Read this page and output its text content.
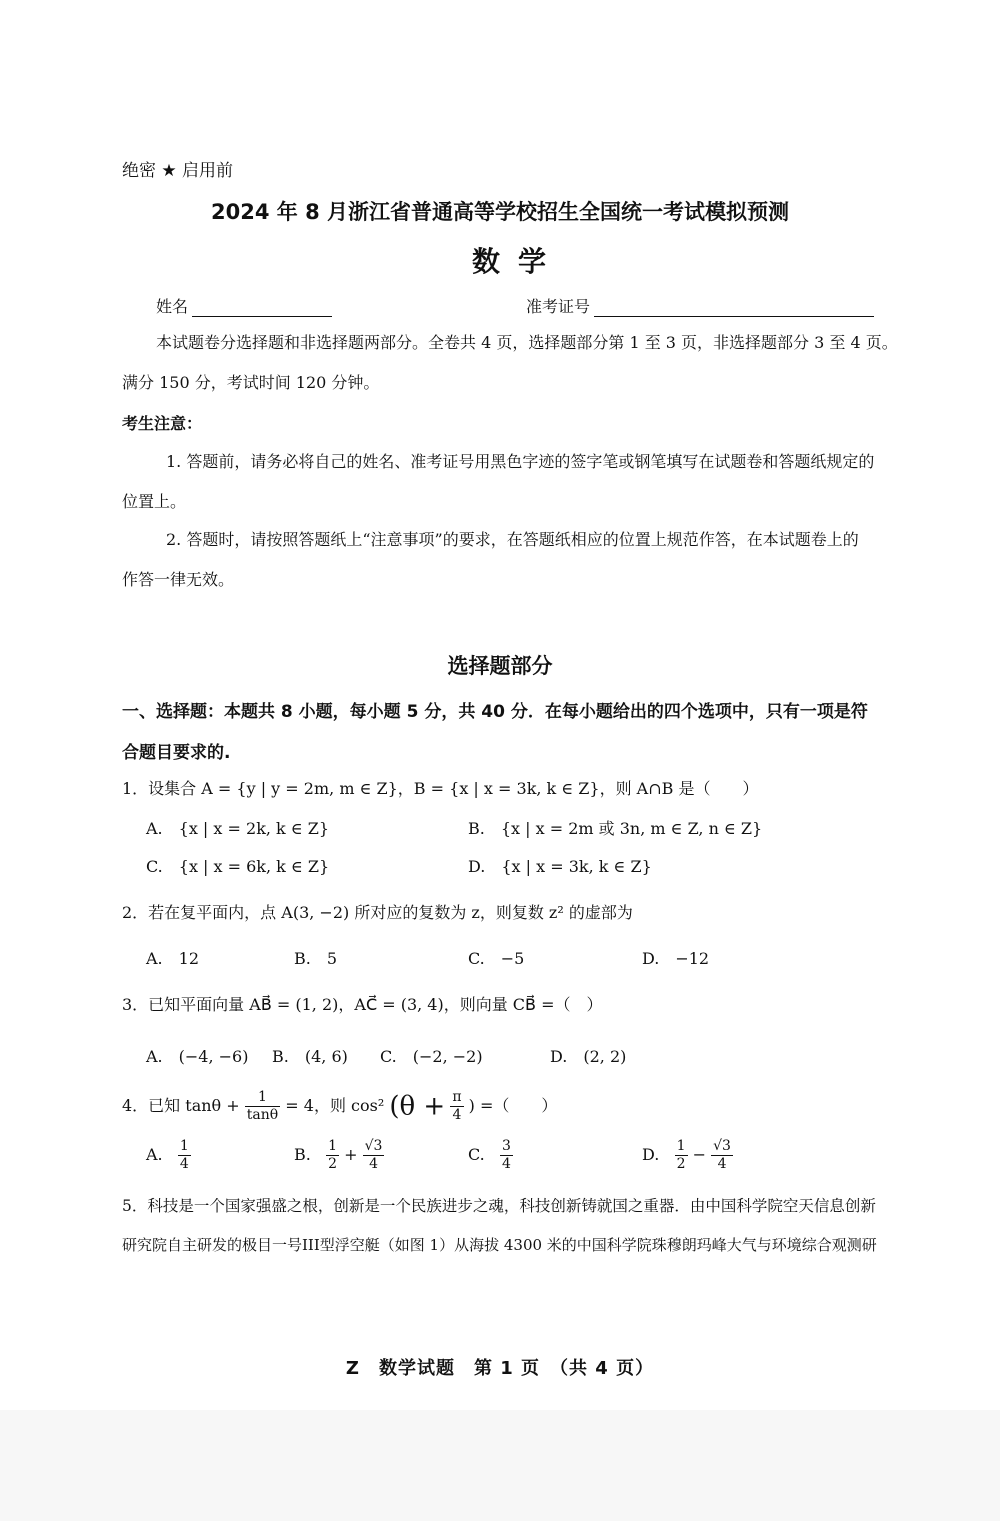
绝密 ★ 启用前
2024 年 8 月浙江省普通高等学校招生全国统一考试模拟预测
数学
姓名	准考证号
本试题卷分选择题和非选择题两部分。全卷共 4 页，选择题部分第 1 至 3 页，非选择题部分 3 至 4 页。
满分 150 分，考试时间 120 分钟。
考生注意：
1. 答题前，请务必将自己的姓名、准考证号用黑色字迹的签字笔或钢笔填写在试题卷和答题纸规定的
位置上。
2. 答题时，请按照答题纸上“注意事项”的要求，在答题纸相应的位置上规范作答，在本试题卷上的
作答一律无效。
选择题部分
一、选择题：本题共 8 小题，每小题 5 分，共 40 分．在每小题给出的四个选项中，只有一项是符
合题目要求的.
1．设集合 A = {y | y = 2m, m ∈ Z}，B = {x | x = 3k, k ∈ Z}，则 A∩B 是（　　）
A.　{x | x = 2k, k ∈ Z}	B.　{x | x = 2m 或 3n, m ∈ Z, n ∈ Z}
C.　{x | x = 6k, k ∈ Z}	D.　{x | x = 3k, k ∈ Z}
2．若在复平面内，点 A(3, −2) 所对应的复数为 z，则复数 z² 的虚部为
A.　12	B.　5	C.　−5	D.　−12
3．已知平面向量 AB⃗ = (1, 2)，AC⃗ = (3, 4)，则向量 CB⃗ =（　）
A.　(−4, −6) B.　(4, 6) C.　(−2, −2)	D.　(2, 2)
4．已知 $\tan\theta + \frac{1}{\tan\theta} = 4$，则 cos² ($\theta + \frac{\pi}{4}$ ) =（　　）
A. $\frac{1}{4}$	B. $\frac{1}{2} + \frac{√3}{4}$	C. $\frac{3}{4}$	D. $\frac{1}{2} - \frac{√3}{4}$
5．科技是一个国家强盛之根，创新是一个民族进步之魂，科技创新铸就国之重器．由中国科学院空天信息创新
研究院自主研发的极目一号III型浮空艇（如图 1）从海拔 4300 米的中国科学院珠穆朗玛峰大气与环境综合观测研
Z　数学试题　第 1 页　（共 4 页）
